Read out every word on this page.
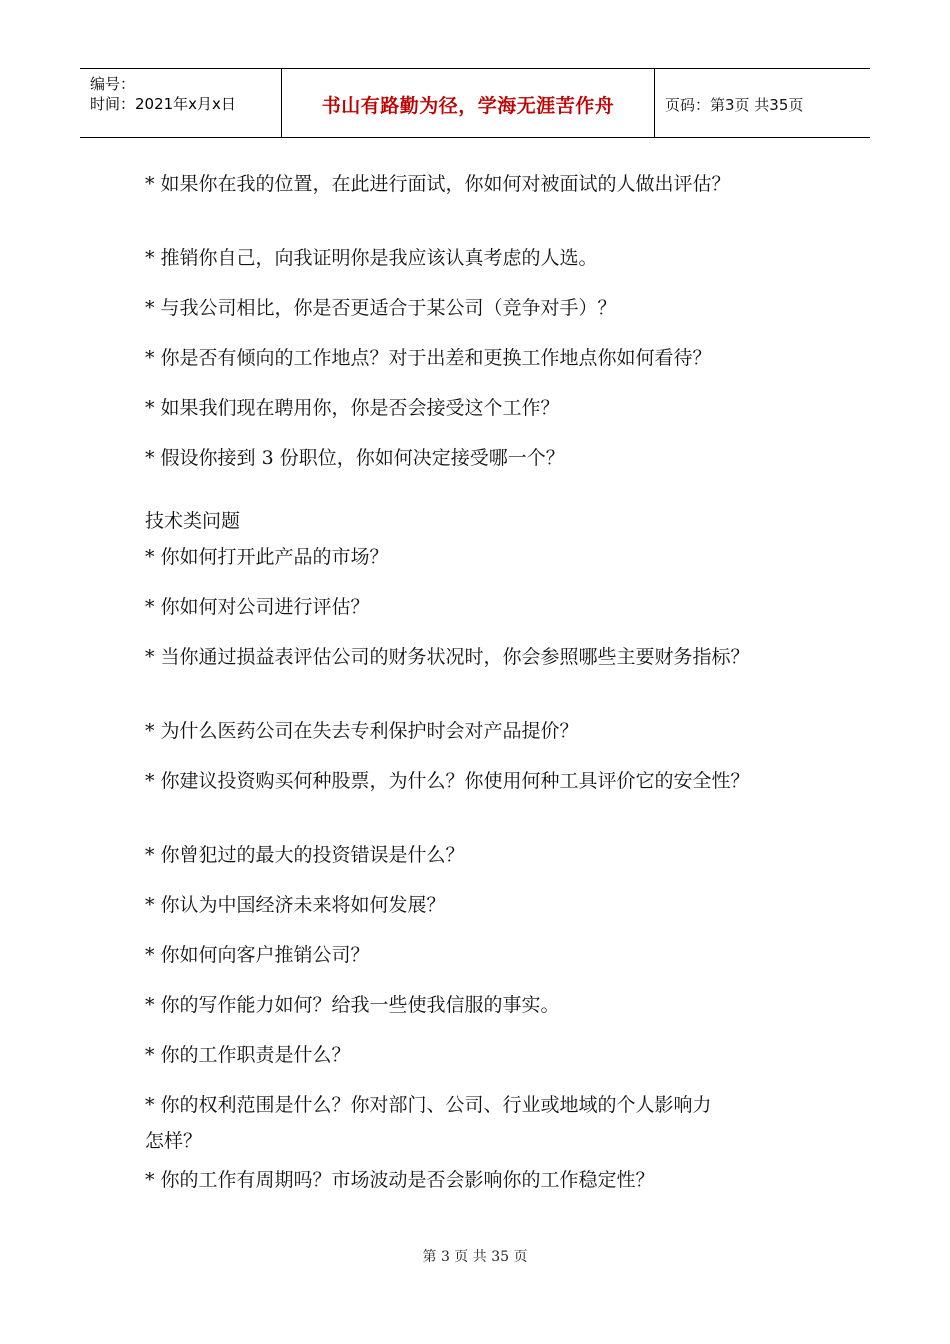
编号：
时间：2021年x月x日	书山有路勤为径，学海无涯苦作舟	页码：第3页 共35页
* 如果你在我的位置，在此进行面试，你如何对被面试的人做出评估？
* 推销你自己，向我证明你是我应该认真考虑的人选。
* 与我公司相比，你是否更适合于某公司（竞争对手）？
* 你是否有倾向的工作地点？对于出差和更换工作地点你如何看待？
* 如果我们现在聘用你，你是否会接受这个工作？
* 假设你接到 3 份职位，你如何决定接受哪一个？
技术类问题
* 你如何打开此产品的市场？
* 你如何对公司进行评估？
* 当你通过损益表评估公司的财务状况时，你会参照哪些主要财务指标？
* 为什么医药公司在失去专利保护时会对产品提价？
* 你建议投资购买何种股票，为什么？你使用何种工具评价它的安全性？
* 你曾犯过的最大的投资错误是什么？
* 你认为中国经济未来将如何发展？
* 你如何向客户推销公司？
* 你的写作能力如何？给我一些使我信服的事实。
* 你的工作职责是什么？
* 你的权利范围是什么？你对部门、公司、行业或地域的个人影响力
怎样？
* 你的工作有周期吗？市场波动是否会影响你的工作稳定性？
第 3 页 共 35 页
